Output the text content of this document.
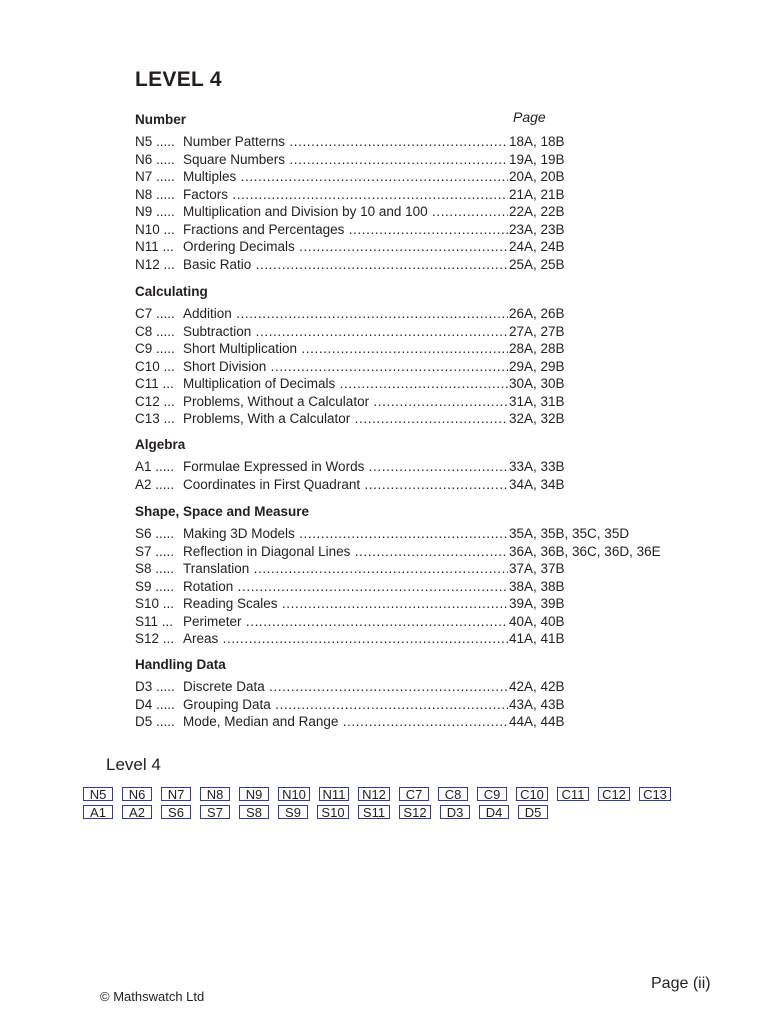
LEVEL 4
Page
Number
N5 ..... Number Patterns .....	18A, 18B
N6 ..... Square Numbers .....	19A, 19B
N7 ..... Multiples .....	20A, 20B
N8 ..... Factors .....	21A, 21B
N9 ..... Multiplication and Division by 10 and 100 .....	22A, 22B
N10 ... Fractions and Percentages .....	23A, 23B
N11 ... Ordering Decimals .....	24A, 24B
N12 ... Basic Ratio .....	25A, 25B
Calculating
C7 ..... Addition .....	26A, 26B
C8 ..... Subtraction .....	27A, 27B
C9 ..... Short Multiplication .....	28A, 28B
C10 ... Short Division .....	29A, 29B
C11 ... Multiplication of Decimals .....	30A, 30B
C12 ... Problems, Without a Calculator .....	31A, 31B
C13 ... Problems, With a Calculator .....	32A, 32B
Algebra
A1 ..... Formulae Expressed in Words .....	33A, 33B
A2 ..... Coordinates in First Quadrant .....	34A, 34B
Shape, Space and Measure
S6 ..... Making 3D Models .....	35A, 35B, 35C, 35D
S7 ..... Reflection in Diagonal Lines .....	36A, 36B, 36C, 36D, 36E
S8 ..... Translation .....	37A, 37B
S9 ..... Rotation .....	38A, 38B
S10 ... Reading Scales .....	39A, 39B
S11 ... Perimeter .....	40A, 40B
S12 ... Areas .....	41A, 41B
Handling Data
D3 ..... Discrete Data .....	42A, 42B
D4 ..... Grouping Data .....	43A, 43B
D5 ..... Mode, Median and Range .....	44A, 44B
Level 4
N5	N6	N7	N8	N9	N10	N11	N12	C7	C8	C9	C10	C11	C12	C13
A1	A2	S6	S7	S8	S9	S10	S11	S12	D3	D4	D5
© Mathswatch Ltd
Page (ii)
